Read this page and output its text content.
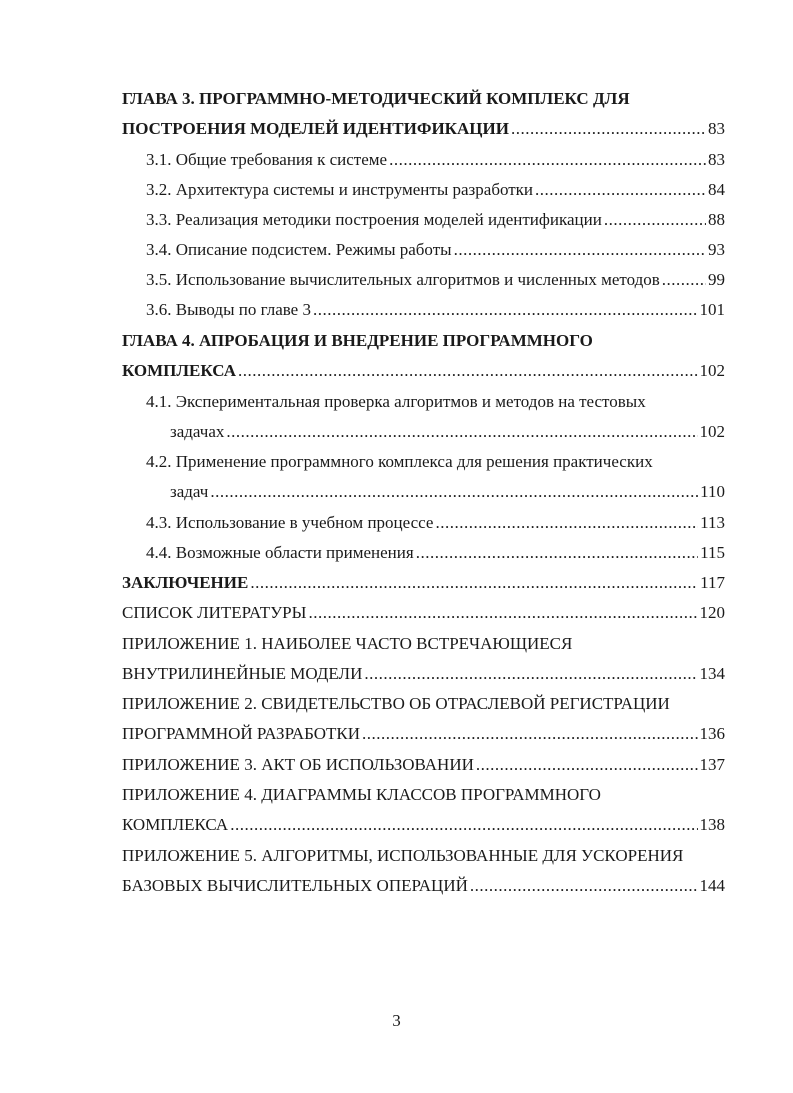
ГЛАВА 3. ПРОГРАММНО-МЕТОДИЧЕСКИЙ КОМПЛЕКС ДЛЯ
ПОСТРОЕНИЯ МОДЕЛЕЙ ИДЕНТИФИКАЦИИ .....	83
3.1. Общие требования к системе .....	83
3.2. Архитектура системы и инструменты разработки .....	84
3.3. Реализация методики построения моделей идентификации .....	88
3.4. Описание подсистем. Режимы работы .....	93
3.5. Использование вычислительных алгоритмов и численных методов .....	99
3.6. Выводы по главе 3 .....	101
ГЛАВА 4. АПРОБАЦИЯ И ВНЕДРЕНИЕ ПРОГРАММНОГО
КОМПЛЕКСА .....	102
4.1. Экспериментальная проверка алгоритмов и методов на тестовых
задачах .....	102
4.2. Применение программного комплекса для решения практических
задач .....	110
4.3. Использование в учебном процессе .....	113
4.4. Возможные области применения .....	115
ЗАКЛЮЧЕНИЕ .....	117
СПИСОК ЛИТЕРАТУРЫ .....	120
ПРИЛОЖЕНИЕ 1. НАИБОЛЕЕ ЧАСТО ВСТРЕЧАЮЩИЕСЯ
ВНУТРИЛИНЕЙНЫЕ МОДЕЛИ .....	134
ПРИЛОЖЕНИЕ 2. СВИДЕТЕЛЬСТВО ОБ ОТРАСЛЕВОЙ РЕГИСТРАЦИИ
ПРОГРАММНОЙ РАЗРАБОТКИ .....	136
ПРИЛОЖЕНИЕ 3. АКТ ОБ ИСПОЛЬЗОВАНИИ .....	137
ПРИЛОЖЕНИЕ 4. ДИАГРАММЫ КЛАССОВ ПРОГРАММНОГО
КОМПЛЕКСА .....	138
ПРИЛОЖЕНИЕ 5. АЛГОРИТМЫ, ИСПОЛЬЗОВАННЫЕ ДЛЯ УСКОРЕНИЯ
БАЗОВЫХ ВЫЧИСЛИТЕЛЬНЫХ ОПЕРАЦИЙ .....	144
3
